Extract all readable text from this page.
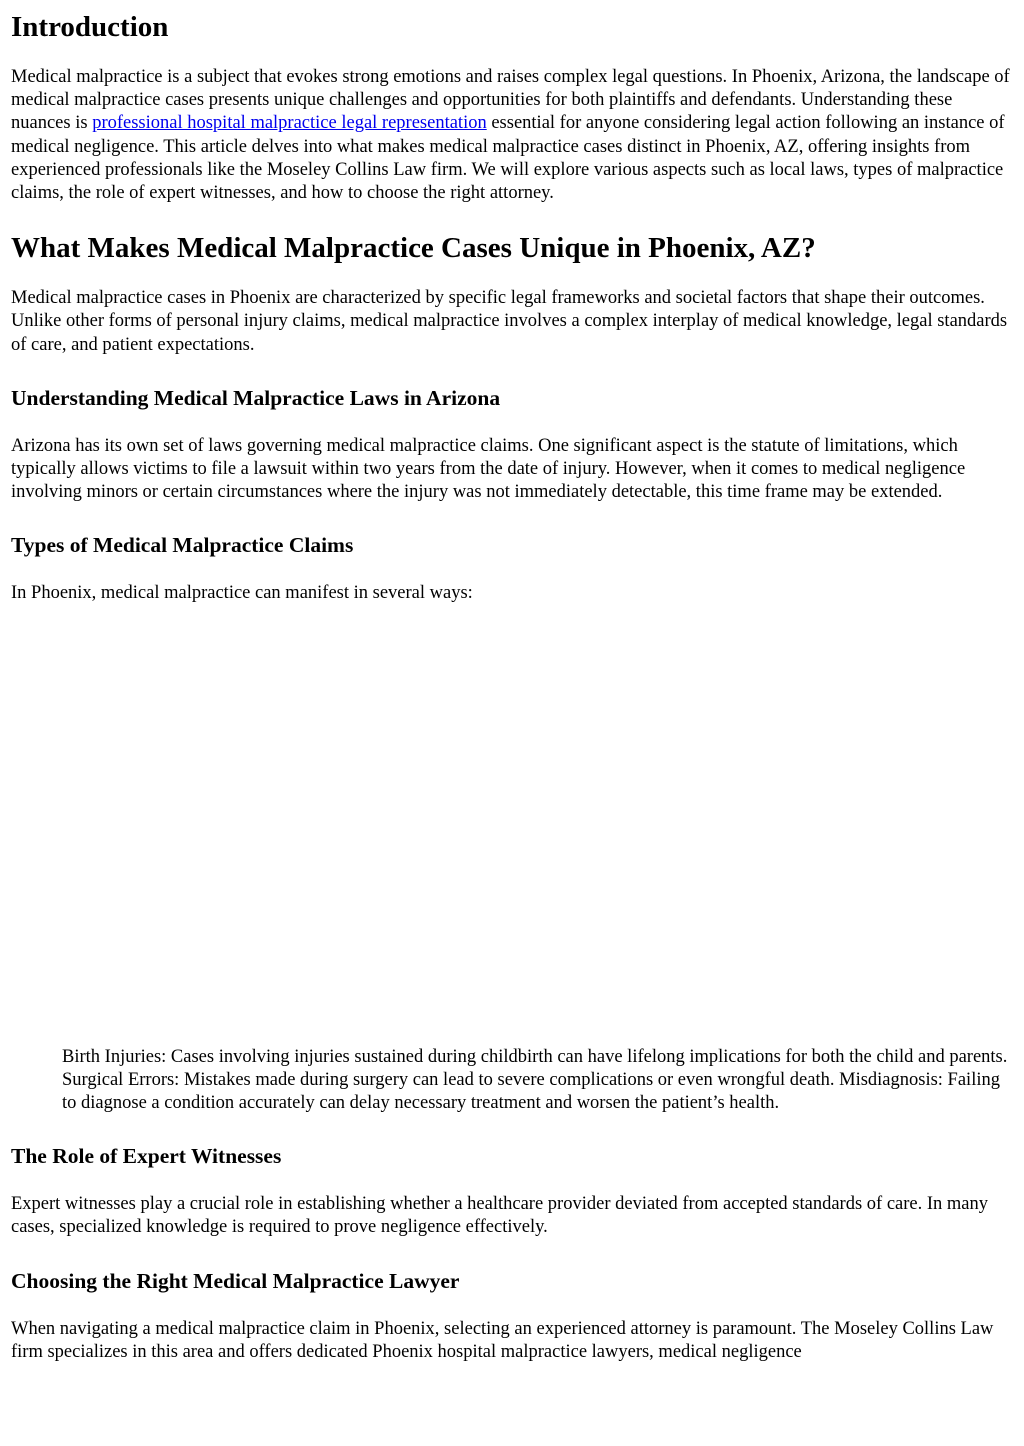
Introduction

Medical malpractice is a subject that evokes strong emotions and raises complex legal questions. In Phoenix, Arizona, the landscape of medical malpractice cases presents unique challenges and opportunities for both plaintiffs and defendants. Understanding these nuances is professional hospital malpractice legal representation essential for anyone considering legal action following an instance of medical negligence. This article delves into what makes medical malpractice cases distinct in Phoenix, AZ, offering insights from experienced professionals like the Moseley Collins Law firm. We will explore various aspects such as local laws, types of malpractice claims, the role of expert witnesses, and how to choose the right attorney.

What Makes Medical Malpractice Cases Unique in Phoenix, AZ?

Medical malpractice cases in Phoenix are characterized by specific legal frameworks and societal factors that shape their outcomes. Unlike other forms of personal injury claims, medical malpractice involves a complex interplay of medical knowledge, legal standards of care, and patient expectations.

Understanding Medical Malpractice Laws in Arizona

Arizona has its own set of laws governing medical malpractice claims. One significant aspect is the statute of limitations, which typically allows victims to file a lawsuit within two years from the date of injury. However, when it comes to medical negligence involving minors or certain circumstances where the injury was not immediately detectable, this time frame may be extended.

Types of Medical Malpractice Claims

In Phoenix, medical malpractice can manifest in several ways:

Birth Injuries: Cases involving injuries sustained during childbirth can have lifelong implications for both the child and parents. Surgical Errors: Mistakes made during surgery can lead to severe complications or even wrongful death. Misdiagnosis: Failing to diagnose a condition accurately can delay necessary treatment and worsen the patient’s health.

The Role of Expert Witnesses

Expert witnesses play a crucial role in establishing whether a healthcare provider deviated from accepted standards of care. In many cases, specialized knowledge is required to prove negligence effectively.

Choosing the Right Medical Malpractice Lawyer

When navigating a medical malpractice claim in Phoenix, selecting an experienced attorney is paramount. The Moseley Collins Law firm specializes in this area and offers dedicated Phoenix hospital malpractice lawyers, medical negligence
